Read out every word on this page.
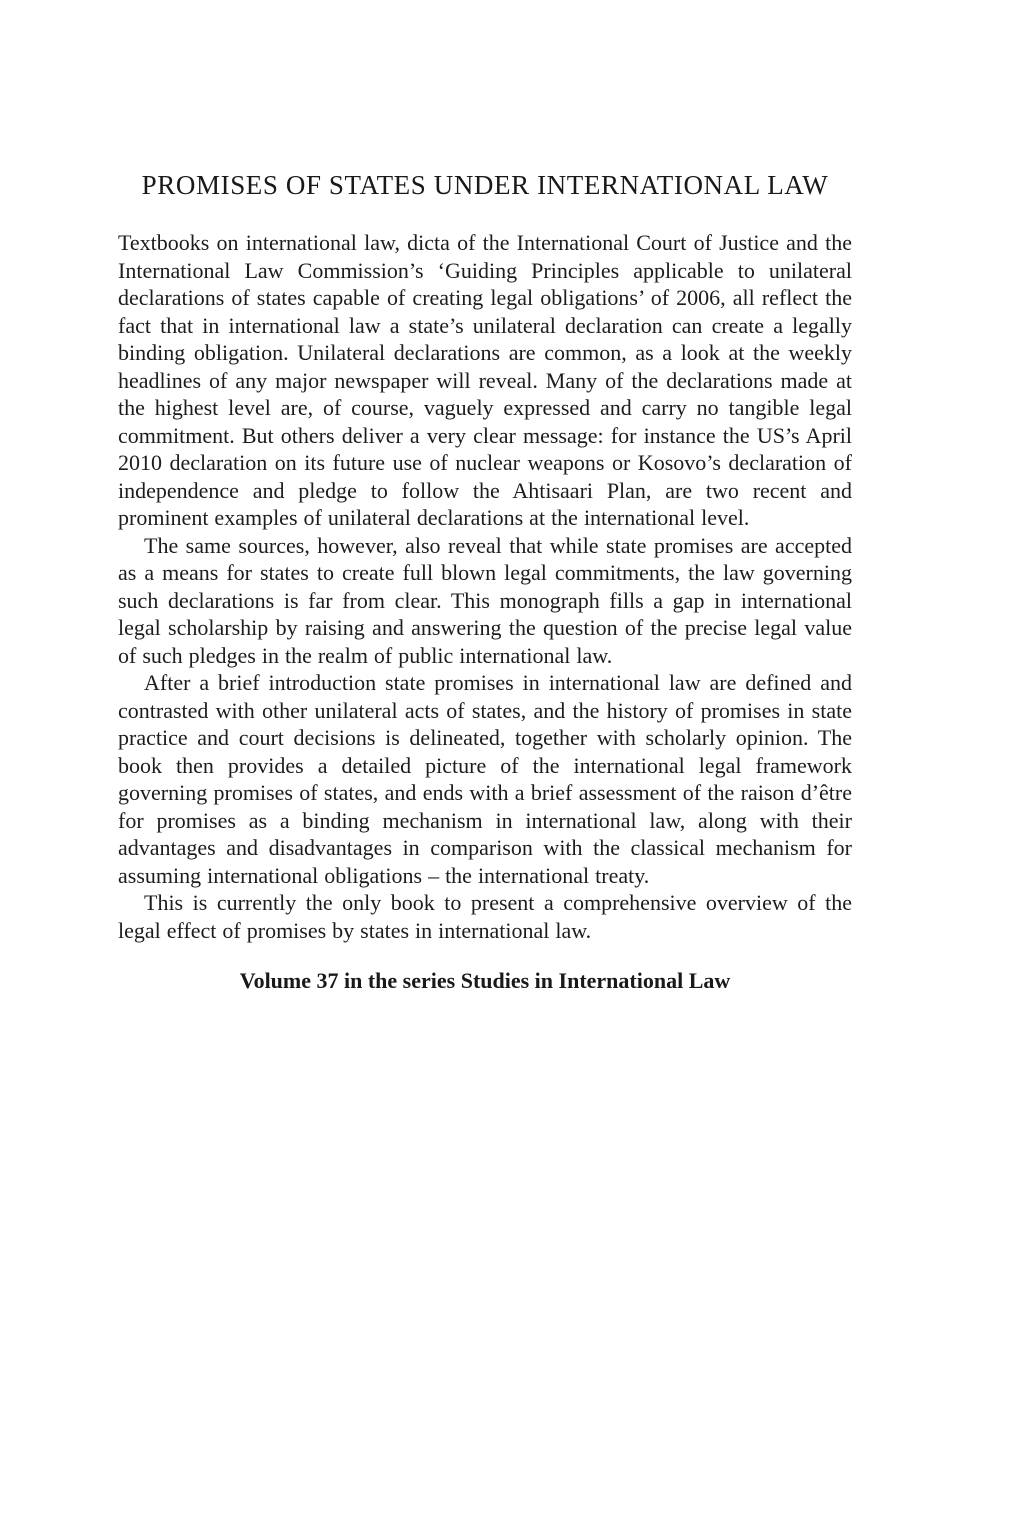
PROMISES OF STATES UNDER INTERNATIONAL LAW

Textbooks on international law, dicta of the International Court of Justice and the International Law Commission’s ‘Guiding Principles applicable to unilateral declarations of states capable of creating legal obligations’ of 2006, all reflect the fact that in international law a state’s unilateral declaration can create a legally binding obligation. Unilateral declarations are common, as a look at the weekly headlines of any major newspaper will reveal. Many of the declarations made at the highest level are, of course, vaguely expressed and carry no tangible legal commitment. But others deliver a very clear message: for instance the US’s April 2010 declaration on its future use of nuclear weapons or Kosovo’s declaration of independence and pledge to follow the Ahtisaari Plan, are two recent and prominent examples of unilateral declarations at the international level.

The same sources, however, also reveal that while state promises are accepted as a means for states to create full blown legal commitments, the law governing such declarations is far from clear. This monograph fills a gap in international legal scholarship by raising and answering the question of the precise legal value of such pledges in the realm of public international law.

After a brief introduction state promises in international law are defined and contrasted with other unilateral acts of states, and the history of promises in state practice and court decisions is delineated, together with scholarly opinion. The book then provides a detailed picture of the international legal framework governing promises of states, and ends with a brief assessment of the raison d’être for promises as a binding mechanism in international law, along with their advantages and disadvantages in comparison with the classical mechanism for assuming international obligations – the international treaty.

This is currently the only book to present a comprehensive overview of the legal effect of promises by states in international law.

Volume 37 in the series Studies in International Law
